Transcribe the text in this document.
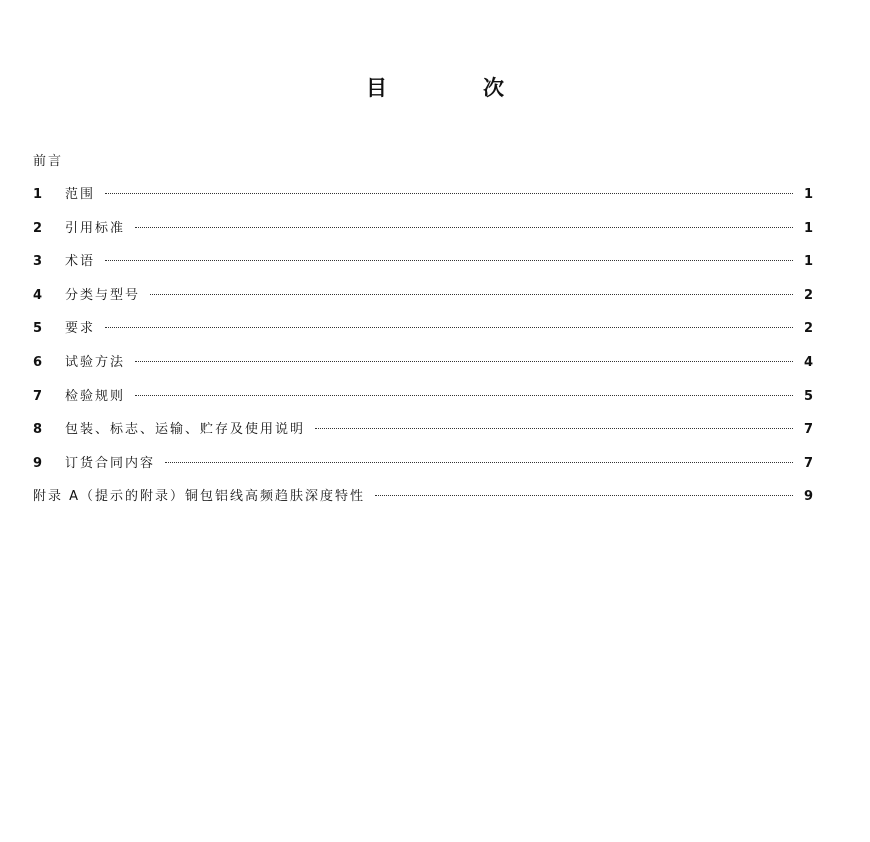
目	次
前言
1	范围	1
2	引用标准	1
3	术语	1
4	分类与型号	2
5	要求	2
6	试验方法	4
7	检验规则	5
8	包装、标志、运输、贮存及使用说明	7
9	订货合同内容	7
附录 A（提示的附录）铜包铝线高频趋肤深度特性	9
